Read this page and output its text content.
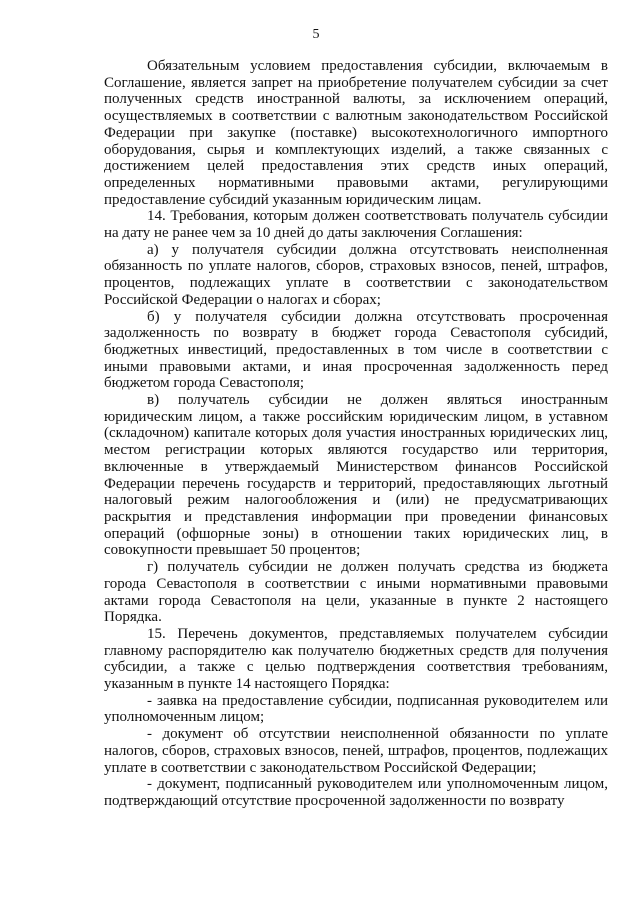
5

Обязательным условием предоставления субсидии, включаемым в Соглашение, является запрет на приобретение получателем субсидии за счет полученных средств иностранной валюты, за исключением операций, осуществляемых в соответствии с валютным законодательством Российской Федерации при закупке (поставке) высокотехнологичного импортного оборудования, сырья и комплектующих изделий, а также связанных с достижением целей предоставления этих средств иных операций, определенных нормативными правовыми актами, регулирующими предоставление субсидий указанным юридическим лицам.

14. Требования, которым должен соответствовать получатель субсидии на дату не ранее чем за 10 дней до даты заключения Соглашения:

а) у получателя субсидии должна отсутствовать неисполненная обязанность по уплате налогов, сборов, страховых взносов, пеней, штрафов, процентов, подлежащих уплате в соответствии с законодательством Российской Федерации о налогах и сборах;

б) у получателя субсидии должна отсутствовать просроченная задолженность по возврату в бюджет города Севастополя субсидий, бюджетных инвестиций, предоставленных в том числе в соответствии с иными правовыми актами, и иная просроченная задолженность перед бюджетом города Севастополя;

в) получатель субсидии не должен являться иностранным юридическим лицом, а также российским юридическим лицом, в уставном (складочном) капитале которых доля участия иностранных юридических лиц, местом регистрации которых являются государство или территория, включенные в утверждаемый Министерством финансов Российской Федерации перечень государств и территорий, предоставляющих льготный налоговый режим налогообложения и (или) не предусматривающих раскрытия и представления информации при проведении финансовых операций (офшорные зоны) в отношении таких юридических лиц, в совокупности превышает 50 процентов;

г) получатель субсидии не должен получать средства из бюджета города Севастополя в соответствии с иными нормативными правовыми актами города Севастополя на цели, указанные в пункте 2 настоящего Порядка.

15. Перечень документов, представляемых получателем субсидии главному распорядителю как получателю бюджетных средств для получения субсидии, а также с целью подтверждения соответствия требованиям, указанным в пункте 14 настоящего Порядка:

- заявка на предоставление субсидии, подписанная руководителем или уполномоченным лицом;

- документ об отсутствии неисполненной обязанности по уплате налогов, сборов, страховых взносов, пеней, штрафов, процентов, подлежащих уплате в соответствии с законодательством Российской Федерации;

- документ, подписанный руководителем или уполномоченным лицом, подтверждающий отсутствие просроченной задолженности по возврату
